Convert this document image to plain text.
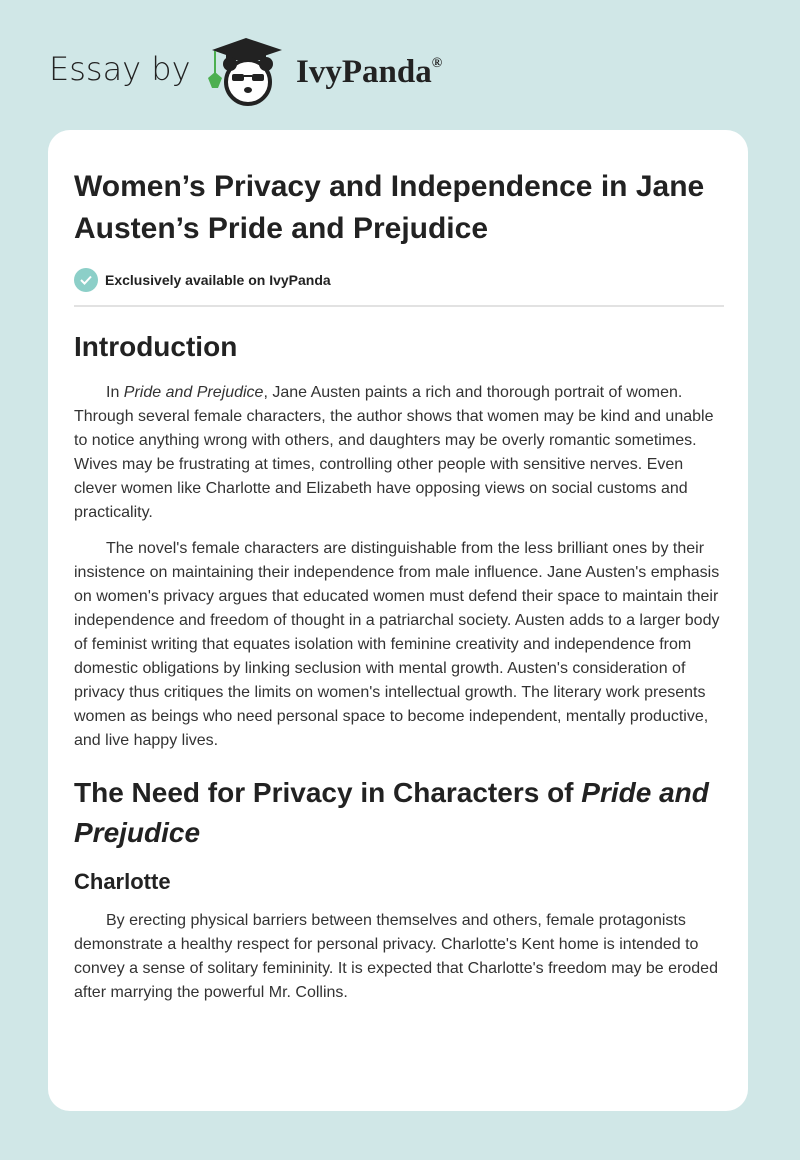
Essay by	IvyPanda®
Women’s Privacy and Independence in Jane Austen’s Pride and Prejudice
Exclusively available on IvyPanda
Introduction

In Pride and Prejudice, Jane Austen paints a rich and thorough portrait of women. Through several female characters, the author shows that women may be kind and unable to notice anything wrong with others, and daughters may be overly romantic sometimes. Wives may be frustrating at times, controlling other people with sensitive nerves. Even clever women like Charlotte and Elizabeth have opposing views on social customs and practicality.

The novel's female characters are distinguishable from the less brilliant ones by their insistence on maintaining their independence from male influence. Jane Austen's emphasis on women's privacy argues that educated women must defend their space to maintain their independence and freedom of thought in a patriarchal society. Austen adds to a larger body of feminist writing that equates isolation with feminine creativity and independence from domestic obligations by linking seclusion with mental growth. Austen's consideration of privacy thus critiques the limits on women's intellectual growth. The literary work presents women as beings who need personal space to become independent, mentally productive, and live happy lives.

The Need for Privacy in Characters of Pride and Prejudice
Charlotte

By erecting physical barriers between themselves and others, female protagonists demonstrate a healthy respect for personal privacy. Charlotte's Kent home is intended to convey a sense of solitary femininity. It is expected that Charlotte's freedom may be eroded after marrying the powerful Mr. Collins.
